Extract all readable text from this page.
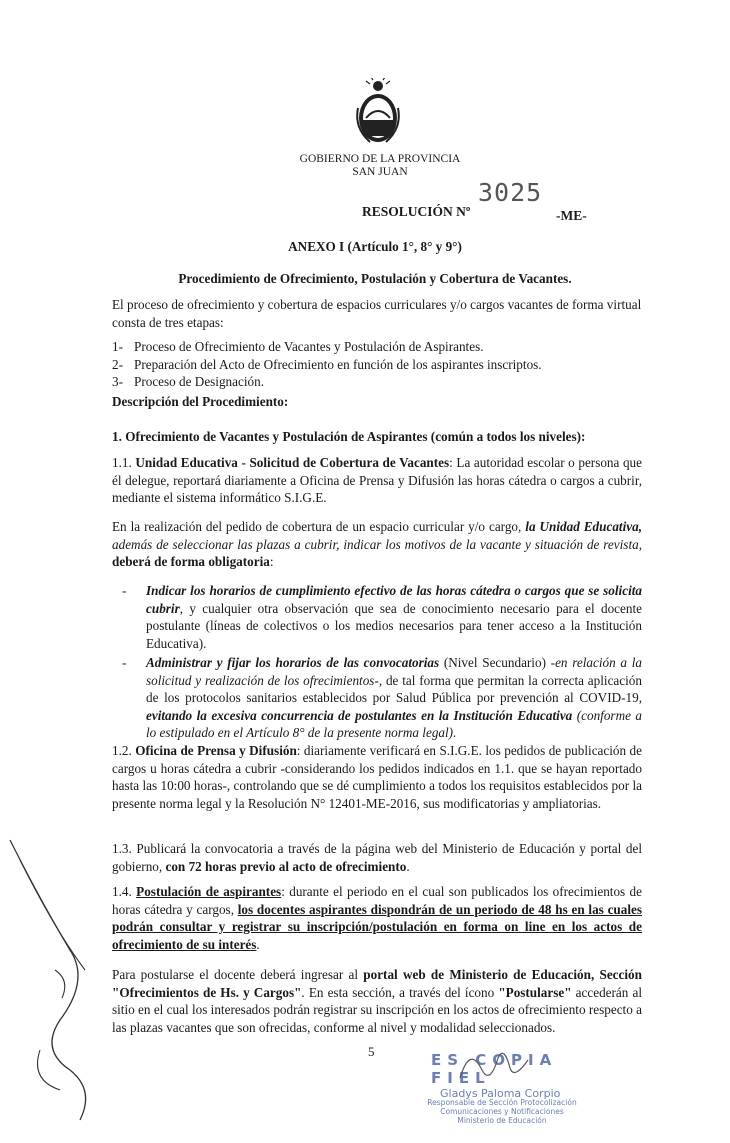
GOBIERNO DE LA PROVINCIA
SAN JUAN
RESOLUCIÓN Nº
3025
-ME-
ANEXO I (Artículo 1°, 8° y 9°)
Procedimiento de Ofrecimiento, Postulación y Cobertura de Vacantes.
El proceso de ofrecimiento y cobertura de espacios curriculares y/o cargos vacantes de forma virtual consta de tres etapas:
1- Proceso de Ofrecimiento de Vacantes y Postulación de Aspirantes.
2- Preparación del Acto de Ofrecimiento en función de los aspirantes inscriptos.
3- Proceso de Designación.
Descripción del Procedimiento:
1. Ofrecimiento de Vacantes y Postulación de Aspirantes (común a todos los niveles):
1.1. Unidad Educativa - Solicitud de Cobertura de Vacantes: La autoridad escolar o persona que él delegue, reportará diariamente a Oficina de Prensa y Difusión las horas cátedra o cargos a cubrir, mediante el sistema informático S.I.G.E.
En la realización del pedido de cobertura de un espacio curricular y/o cargo, la Unidad Educativa, además de seleccionar las plazas a cubrir, indicar los motivos de la vacante y situación de revista, deberá de forma obligatoria:
- Indicar los horarios de cumplimiento efectivo de las horas cátedra o cargos que se solicita cubrir, y cualquier otra observación que sea de conocimiento necesario para el docente postulante (líneas de colectivos o los medios necesarios para tener acceso a la Institución Educativa).
- Administrar y fijar los horarios de las convocatorias (Nivel Secundario) -en relación a la solicitud y realización de los ofrecimientos-, de tal forma que permitan la correcta aplicación de los protocolos sanitarios establecidos por Salud Pública por prevención al COVID-19, evitando la excesiva concurrencia de postulantes en la Institución Educativa (conforme a lo estipulado en el Artículo 8° de la presente norma legal).
1.2. Oficina de Prensa y Difusión: diariamente verificará en S.I.G.E. los pedidos de publicación de cargos u horas cátedra a cubrir -considerando los pedidos indicados en 1.1. que se hayan reportado hasta las 10:00 horas-, controlando que se dé cumplimiento a todos los requisitos establecidos por la presente norma legal y la Resolución N° 12401-ME-2016, sus modificatorias y ampliatorias.
1.3. Publicará la convocatoria a través de la página web del Ministerio de Educación y portal del gobierno, con 72 horas previo al acto de ofrecimiento.
1.4. Postulación de aspirantes: durante el periodo en el cual son publicados los ofrecimientos de horas cátedra y cargos, los docentes aspirantes dispondrán de un periodo de 48 hs en las cuales podrán consultar y registrar su inscripción/postulación en forma on line en los actos de ofrecimiento de su interés.
Para postularse el docente deberá ingresar al portal web de Ministerio de Educación, Sección "Ofrecimientos de Hs. y Cargos". En esta sección, a través del ícono "Postularse" accederán al sitio en el cual los interesados podrán registrar su inscripción en los actos de ofrecimiento respecto a las plazas vacantes que son ofrecidas, conforme al nivel y modalidad seleccionados.
5	ES COPIA FIEL
Gladys Paloma Corpio
Responsable de Sección Protocolización
Comunicaciones y Notificaciones
Ministerio de Educación
